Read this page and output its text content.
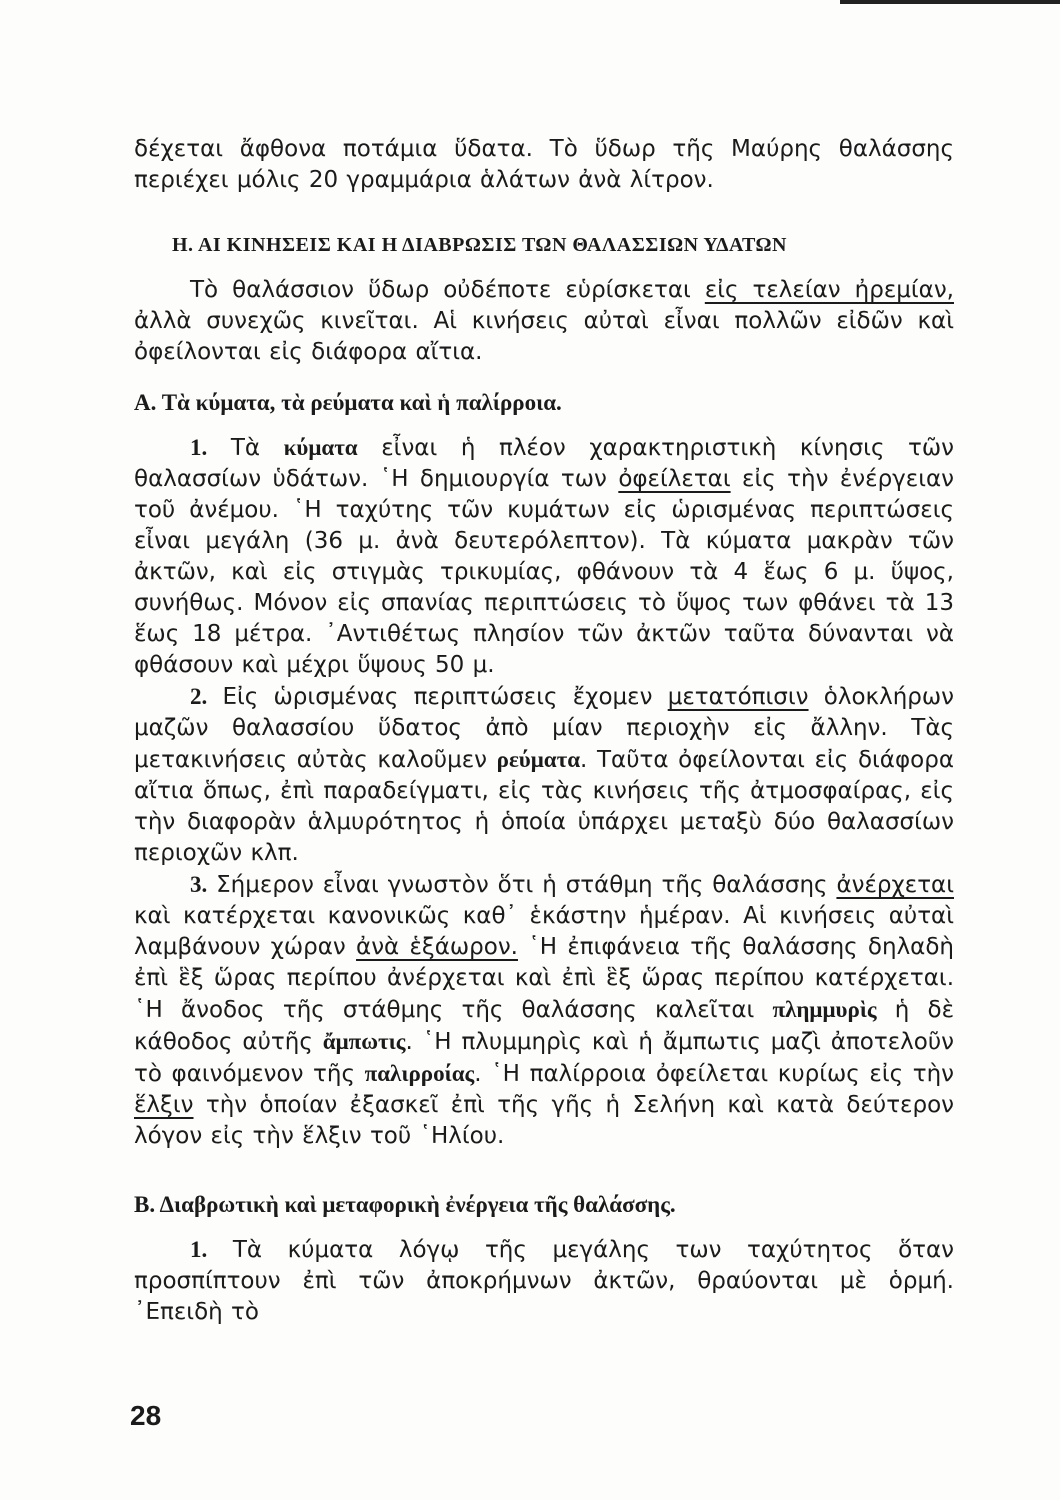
δέχεται ἄφθονα ποτάμια ὕδατα. Τὸ ὕδωρ τῆς Μαύρης θαλάσσης περιέχει μόλις 20 γραμμάρια ἁλάτων ἀνὰ λίτρον.

Η. ΑΙ ΚΙΝΗΣΕΙΣ ΚΑΙ Η ΔΙΑΒΡΩΣΙΣ ΤΩΝ ΘΑΛΑΣΣΙΩΝ ΥΔΑΤΩΝ

Τὸ θαλάσσιον ὕδωρ οὐδέποτε εὑρίσκεται εἰς τελείαν ἠρεμίαν, ἀλλὰ συνεχῶς κινεῖται. Αἱ κινήσεις αὐταὶ εἶναι πολλῶν εἰδῶν καὶ ὀφείλονται εἰς διάφορα αἴτια.

Α. Τὰ κύματα, τὰ ρεύματα καὶ ἡ παλίρροια.

1. Τὰ κύματα εἶναι ἡ πλέον χαρακτηριστικὴ κίνησις τῶν θαλασσίων ὑδάτων. ῾Η δημιουργία των ὀφείλεται εἰς τὴν ἐνέργειαν τοῦ ἀνέμου. ῾Η ταχύτης τῶν κυμάτων εἰς ὡρισμένας περιπτώσεις εἶναι μεγάλη (36 μ. ἀνὰ δευτερόλεπτον). Τὰ κύματα μακρὰν τῶν ἀκτῶν, καὶ εἰς στιγμὰς τρικυμίας, φθάνουν τὰ 4 ἕως 6 μ. ὕψος, συνήθως. Μόνον εἰς σπανίας περιπτώσεις τὸ ὕψος των φθάνει τὰ 13 ἕως 18 μέτρα. ᾿Αντιθέτως πλησίον τῶν ἀκτῶν ταῦτα δύνανται νὰ φθάσουν καὶ μέχρι ὕψους 50 μ.

2. Εἰς ὡρισμένας περιπτώσεις ἔχομεν μετατόπισιν ὁλοκλήρων μαζῶν θαλασσίου ὕδατος ἀπὸ μίαν περιοχὴν εἰς ἄλλην. Τὰς μετακινήσεις αὐτὰς καλοῦμεν ρεύματα. Ταῦτα ὀφείλονται εἰς διάφορα αἴτια ὅπως, ἐπὶ παραδείγματι, εἰς τὰς κινήσεις τῆς ἀτμοσφαίρας, εἰς τὴν διαφορὰν ἁλμυρότητος ἡ ὁποία ὑπάρχει μεταξὺ δύο θαλασσίων περιοχῶν κλπ.

3. Σήμερον εἶναι γνωστὸν ὅτι ἡ στάθμη τῆς θαλάσσης ἀνέρχεται καὶ κατέρχεται κανονικῶς καθ᾿ ἑκάστην ἡμέραν. Αἱ κινήσεις αὐταὶ λαμβάνουν χώραν ἀνὰ ἑξάωρον. ῾Η ἐπιφάνεια τῆς θαλάσσης δηλαδὴ ἐπὶ ἓξ ὥρας περίπου ἀνέρχεται καὶ ἐπὶ ἓξ ὥρας περίπου κατέρχεται. ῾Η ἄνοδος τῆς στάθμης τῆς θαλάσσης καλεῖται πλημμυρὶς ἡ δὲ κάθοδος αὐτῆς ἄμπωτις. ῾Η πλυμμηρὶς καὶ ἡ ἄμπωτις μαζὶ ἀποτελοῦν τὸ φαινόμενον τῆς παλιρροίας. ῾Η παλίρροια ὀφείλεται κυρίως εἰς τὴν ἕλξιν τὴν ὁποίαν ἐξασκεῖ ἐπὶ τῆς γῆς ἡ Σελήνη καὶ κατὰ δεύτερον λόγον εἰς τὴν ἕλξιν τοῦ ῾Ηλίου.

Β. Διαβρωτικὴ καὶ μεταφορικὴ ἐνέργεια τῆς θαλάσσης.

1. Τὰ κύματα λόγῳ τῆς μεγάλης των ταχύτητος ὅταν προσπίπτουν ἐπὶ τῶν ἀποκρήμνων ἀκτῶν, θραύονται μὲ ὁρμή. ᾿Επειδὴ τὸ

28
